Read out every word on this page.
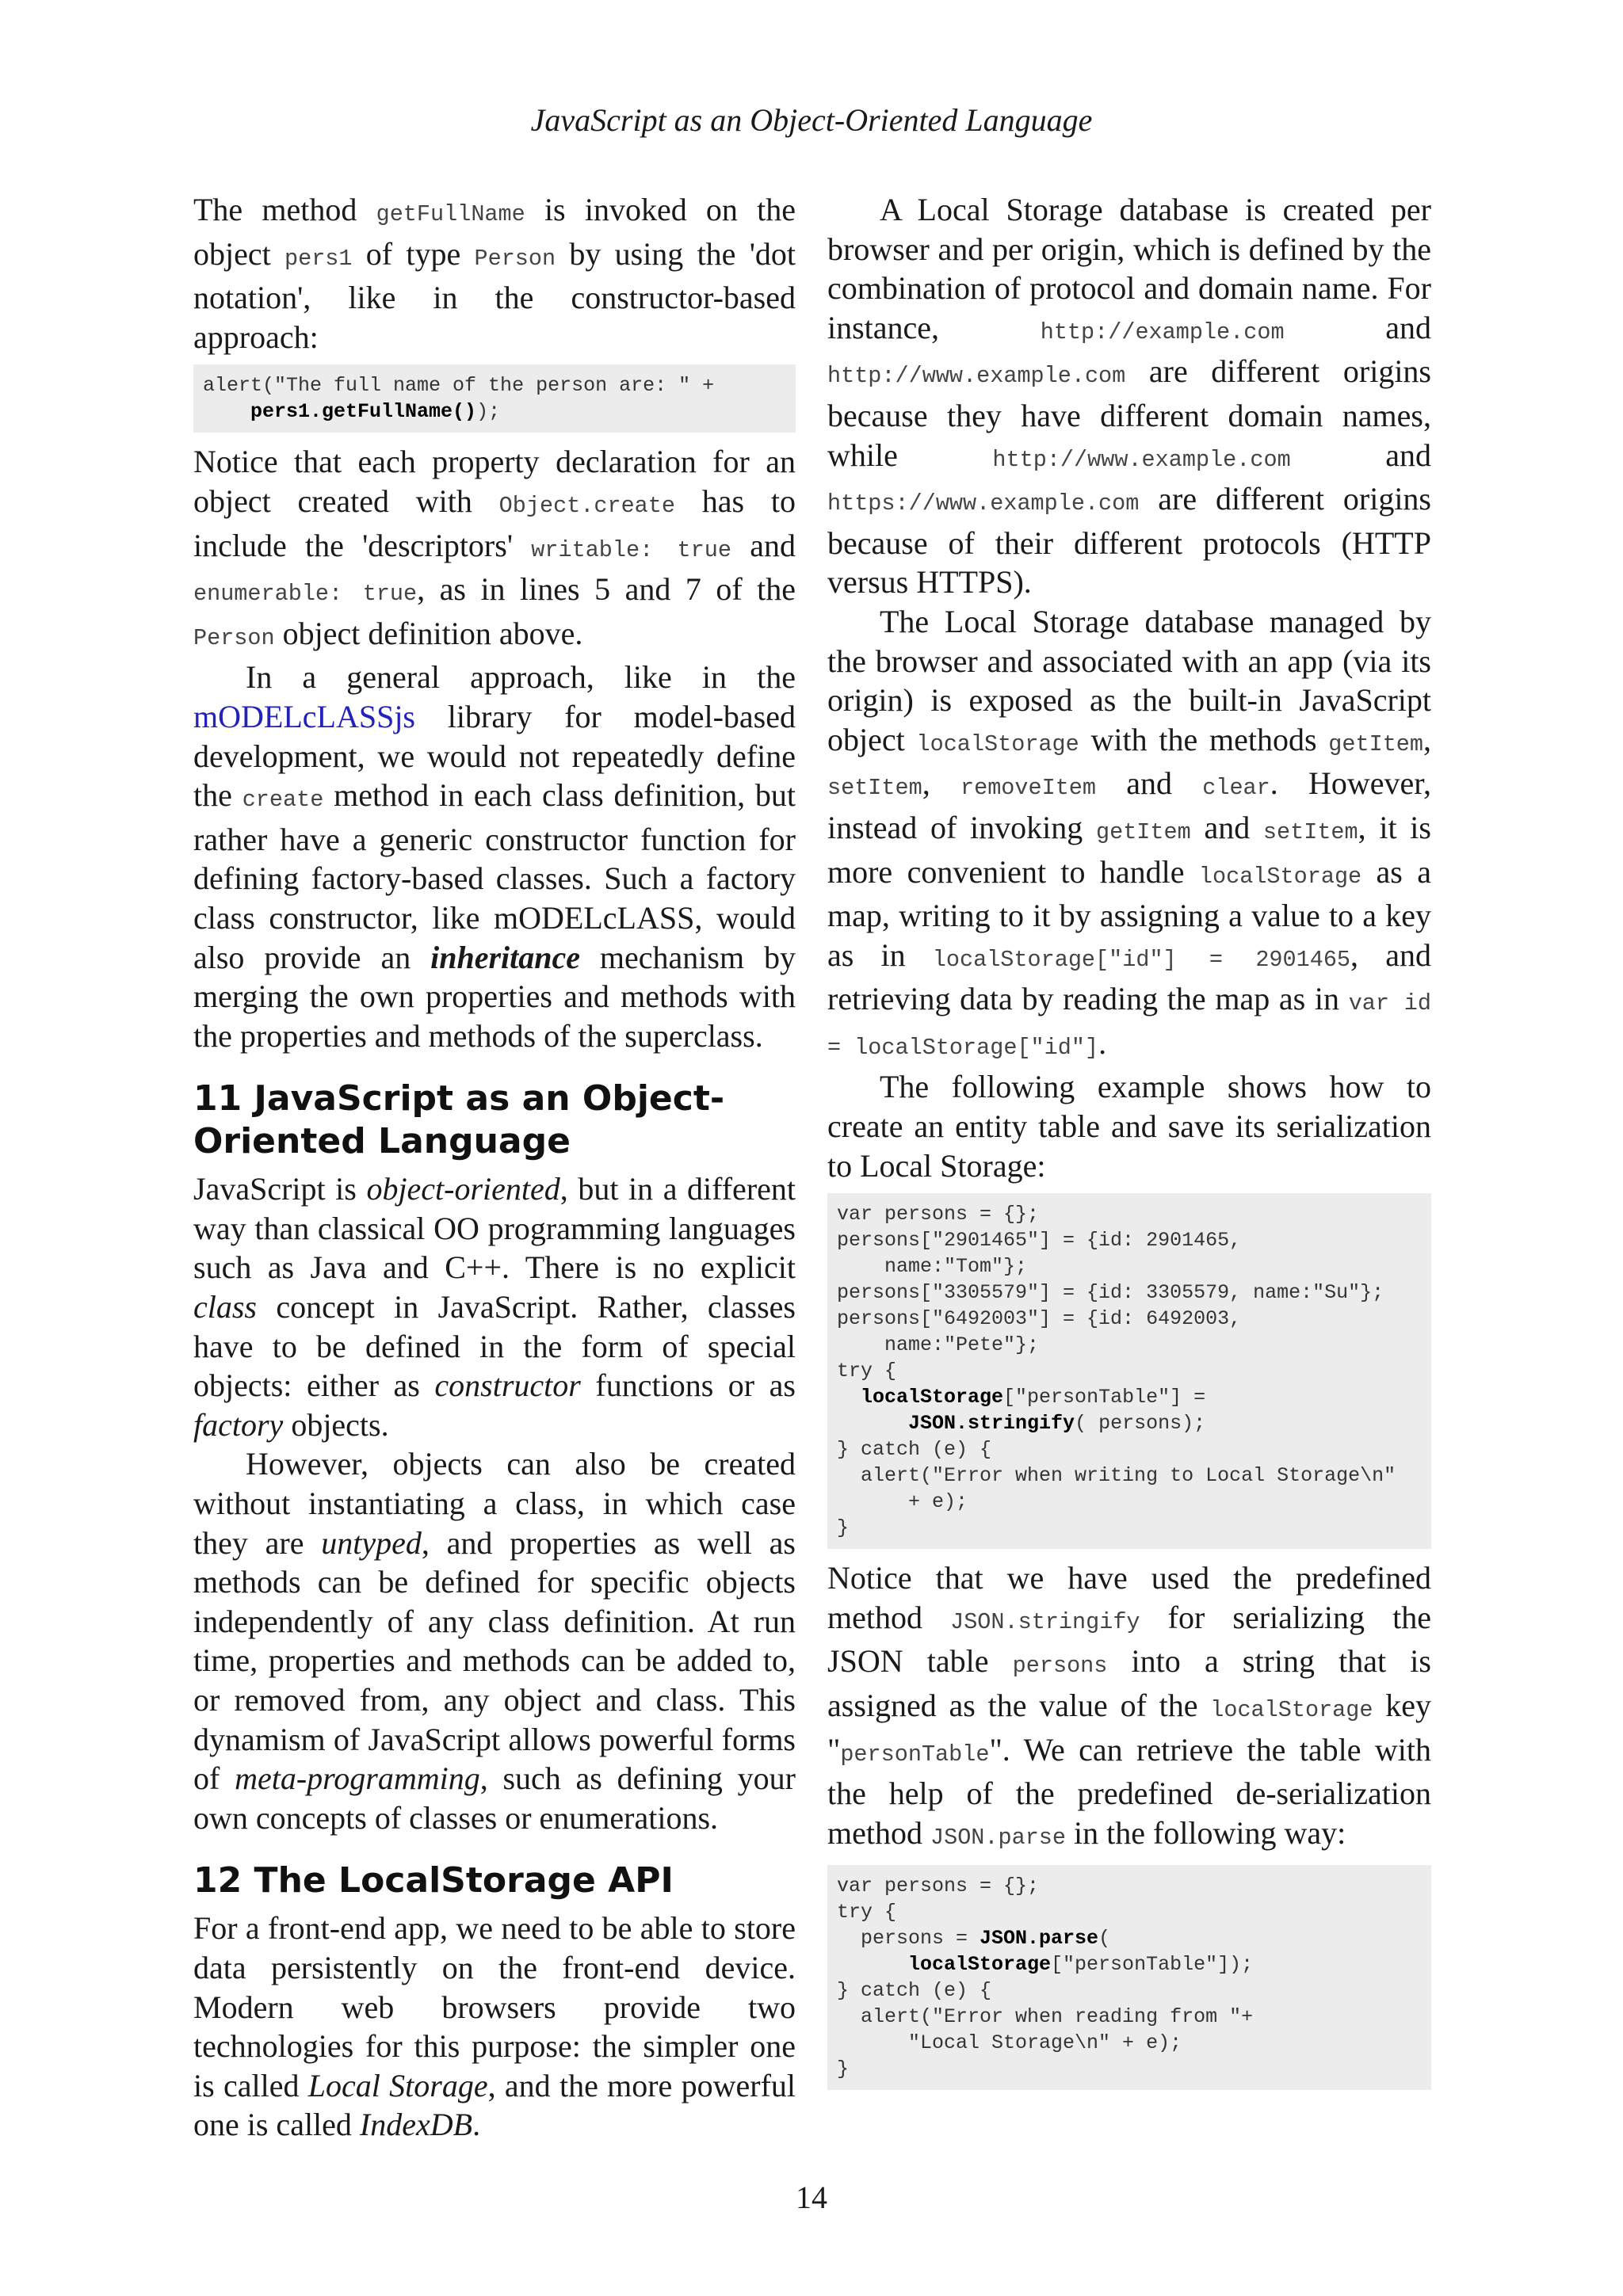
JavaScript as an Object-Oriented Language

The method getFullName is invoked on the object pers1 of type Person by using the 'dot notation', like in the constructor-based approach:

alert("The full name of the person are: " +
pers1.getFullName());

Notice that each property declaration for an object created with Object.create has to include the 'descriptors' writable: true and enumerable: true, as in lines 5 and 7 of the Person object definition above.

In a general approach, like in the mODELcLASSjs library for model-based development, we would not repeatedly define the create method in each class definition, but rather have a generic constructor function for defining factory-based classes. Such a factory class constructor, like mODELcLASS, would also provide an inheritance mechanism by merging the own properties and methods with the properties and methods of the superclass.

11 JavaScript as an Object-Oriented Language

JavaScript is object-oriented, but in a different way than classical OO programming languages such as Java and C++. There is no explicit class concept in JavaScript. Rather, classes have to be defined in the form of special objects: either as constructor functions or as factory objects.

However, objects can also be created without instantiating a class, in which case they are untyped, and properties as well as methods can be defined for specific objects independently of any class definition. At run time, properties and methods can be added to, or removed from, any object and class. This dynamism of JavaScript allows powerful forms of meta-programming, such as defining your own concepts of classes or enumerations.

12 The LocalStorage API

For a front-end app, we need to be able to store data persistently on the front-end device. Modern web browsers provide two technologies for this purpose: the simpler one is called Local Storage, and the more powerful one is called IndexDB.

A Local Storage database is created per browser and per origin, which is defined by the combination of protocol and domain name. For instance, http://example.com and http://www.example.com are different origins because they have different domain names, while http://www.example.com and https://www.example.com are different origins because of their different protocols (HTTP versus HTTPS).

The Local Storage database managed by the browser and associated with an app (via its origin) is exposed as the built-in JavaScript object localStorage with the methods getItem, setItem, removeItem and clear. However, instead of invoking getItem and setItem, it is more convenient to handle localStorage as a map, writing to it by assigning a value to a key as in localStorage["id"] = 2901465, and retrieving data by reading the map as in var id = localStorage["id"].

The following example shows how to create an entity table and save its serialization to Local Storage:

var persons = {};
persons["2901465"] = {id: 2901465,
name:"Tom"};
persons["3305579"] = {id: 3305579, name:"Su"};
persons["6492003"] = {id: 6492003,
name:"Pete"};
try {
localStorage["personTable"] =
JSON.stringify( persons);
} catch (e) {
alert("Error when writing to Local Storage\n"
+ e);
}

Notice that we have used the predefined method JSON.stringify for serializing the JSON table persons into a string that is assigned as the value of the localStorage key "personTable". We can retrieve the table with the help of the predefined de-serialization method JSON.parse in the following way:

var persons = {};
try {
persons = JSON.parse(
localStorage["personTable"]);
} catch (e) {
alert("Error when reading from "+
"Local Storage\n" + e);
}
14
